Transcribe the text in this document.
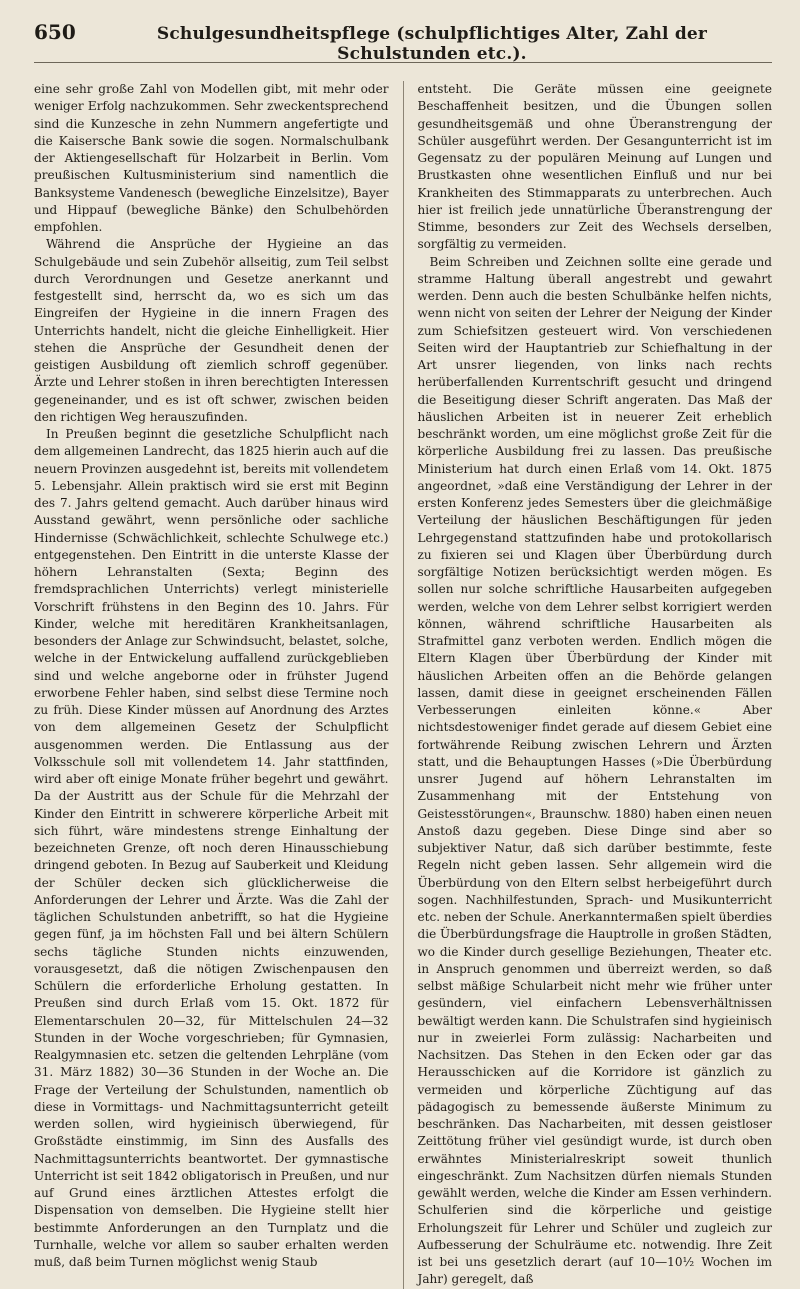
650	Schulgesundheitspflege (schulpflichtiges Alter, Zahl der Schulstunden etc.).

eine sehr große Zahl von Modellen gibt, mit mehr oder weniger Erfolg nachzukommen. Sehr zweckentsprechend sind die Kunzesche in zehn Nummern angefertigte und die Kaisersche Bank sowie die sogen. Normalschulbank der Aktiengesellschaft für Holzarbeit in Berlin. Vom preußischen Kultusministerium sind namentlich die Banksysteme Vandenesch (bewegliche Einzelsitze), Bayer und Hippauf (bewegliche Bänke) den Schulbehörden empfohlen.

Während die Ansprüche der Hygieine an das Schulgebäude und sein Zubehör allseitig, zum Teil selbst durch Verordnungen und Gesetze anerkannt und festgestellt sind, herrscht da, wo es sich um das Eingreifen der Hygieine in die innern Fragen des Unterrichts handelt, nicht die gleiche Einhelligkeit. Hier stehen die Ansprüche der Gesundheit denen der geistigen Ausbildung oft ziemlich schroff gegenüber. Ärzte und Lehrer stoßen in ihren berechtigten Interessen gegeneinander, und es ist oft schwer, zwischen beiden den richtigen Weg herauszufinden.

In Preußen beginnt die gesetzliche Schulpflicht nach dem allgemeinen Landrecht, das 1825 hierin auch auf die neuern Provinzen ausgedehnt ist, bereits mit vollendetem 5. Lebensjahr. Allein praktisch wird sie erst mit Beginn des 7. Jahrs geltend gemacht. Auch darüber hinaus wird Ausstand gewährt, wenn persönliche oder sachliche Hindernisse (Schwächlichkeit, schlechte Schulwege etc.) entgegenstehen. Den Eintritt in die unterste Klasse der höhern Lehranstalten (Sexta; Beginn des fremdsprachlichen Unterrichts) verlegt ministerielle Vorschrift frühstens in den Beginn des 10. Jahrs. Für Kinder, welche mit hereditären Krankheitsanlagen, besonders der Anlage zur Schwindsucht, belastet, solche, welche in der Entwickelung auffallend zurückgeblieben sind und welche angeborne oder in frühster Jugend erworbene Fehler haben, sind selbst diese Termine noch zu früh. Diese Kinder müssen auf Anordnung des Arztes von dem allgemeinen Gesetz der Schulpflicht ausgenommen werden. Die Entlassung aus der Volksschule soll mit vollendetem 14. Jahr stattfinden, wird aber oft einige Monate früher begehrt und gewährt. Da der Austritt aus der Schule für die Mehrzahl der Kinder den Eintritt in schwerere körperliche Arbeit mit sich führt, wäre mindestens strenge Einhaltung der bezeichneten Grenze, oft noch deren Hinausschiebung dringend geboten. In Bezug auf Sauberkeit und Kleidung der Schüler decken sich glücklicherweise die Anforderungen der Lehrer und Ärzte. Was die Zahl der täglichen Schulstunden anbetrifft, so hat die Hygieine gegen fünf, ja im höchsten Fall und bei ältern Schülern sechs tägliche Stunden nichts einzuwenden, vorausgesetzt, daß die nötigen Zwischenpausen den Schülern die erforderliche Erholung gestatten. In Preußen sind durch Erlaß vom 15. Okt. 1872 für Elementarschulen 20—32, für Mittelschulen 24—32 Stunden in der Woche vorgeschrieben; für Gymnasien, Realgymnasien etc. setzen die geltenden Lehrpläne (vom 31. März 1882) 30—36 Stunden in der Woche an. Die Frage der Verteilung der Schulstunden, namentlich ob diese in Vormittags- und Nachmittagsunterricht geteilt werden sollen, wird hygieinisch überwiegend, für Großstädte einstimmig, im Sinn des Ausfalls des Nachmittagsunterrichts beantwortet. Der gymnastische Unterricht ist seit 1842 obligatorisch in Preußen, und nur auf Grund eines ärztlichen Attestes erfolgt die Dispensation von demselben. Die Hygieine stellt hier bestimmte Anforderungen an den Turnplatz und die Turnhalle, welche vor allem so sauber erhalten werden muß, daß beim Turnen möglichst wenig Staub

entsteht. Die Geräte müssen eine geeignete Beschaffenheit besitzen, und die Übungen sollen gesundheitsgemäß und ohne Überanstrengung der Schüler ausgeführt werden. Der Gesangunterricht ist im Gegensatz zu der populären Meinung auf Lungen und Brustkasten ohne wesentlichen Einfluß und nur bei Krankheiten des Stimmapparats zu unterbrechen. Auch hier ist freilich jede unnatürliche Überanstrengung der Stimme, besonders zur Zeit des Wechsels derselben, sorgfältig zu vermeiden.

Beim Schreiben und Zeichnen sollte eine gerade und stramme Haltung überall angestrebt und gewahrt werden. Denn auch die besten Schulbänke helfen nichts, wenn nicht von seiten der Lehrer der Neigung der Kinder zum Schiefsitzen gesteuert wird. Von verschiedenen Seiten wird der Hauptantrieb zur Schiefhaltung in der Art unsrer liegenden, von links nach rechts herüberfallenden Kurrentschrift gesucht und dringend die Beseitigung dieser Schrift angeraten. Das Maß der häuslichen Arbeiten ist in neuerer Zeit erheblich beschränkt worden, um eine möglichst große Zeit für die körperliche Ausbildung frei zu lassen. Das preußische Ministerium hat durch einen Erlaß vom 14. Okt. 1875 angeordnet, »daß eine Verständigung der Lehrer in der ersten Konferenz jedes Semesters über die gleichmäßige Verteilung der häuslichen Beschäftigungen für jeden Lehrgegenstand stattzufinden habe und protokollarisch zu fixieren sei und Klagen über Überbürdung durch sorgfältige Notizen berücksichtigt werden mögen. Es sollen nur solche schriftliche Hausarbeiten aufgegeben werden, welche von dem Lehrer selbst korrigiert werden können, während schriftliche Hausarbeiten als Strafmittel ganz verboten werden. Endlich mögen die Eltern Klagen über Überbürdung der Kinder mit häuslichen Arbeiten offen an die Behörde gelangen lassen, damit diese in geeignet erscheinenden Fällen Verbesserungen einleiten könne.« Aber nichtsdestoweniger findet gerade auf diesem Gebiet eine fortwährende Reibung zwischen Lehrern und Ärzten statt, und die Behauptungen Hasses (»Die Überbürdung unsrer Jugend auf höhern Lehranstalten im Zusammenhang mit der Entstehung von Geistesstörungen«, Braunschw. 1880) haben einen neuen Anstoß dazu gegeben. Diese Dinge sind aber so subjektiver Natur, daß sich darüber bestimmte, feste Regeln nicht geben lassen. Sehr allgemein wird die Überbürdung von den Eltern selbst herbeigeführt durch sogen. Nachhilfestunden, Sprach- und Musikunterricht etc. neben der Schule. Anerkanntermaßen spielt überdies die Überbürdungsfrage die Hauptrolle in großen Städten, wo die Kinder durch gesellige Beziehungen, Theater etc. in Anspruch genommen und überreizt werden, so daß selbst mäßige Schularbeit nicht mehr wie früher unter gesündern, viel einfachern Lebensverhältnissen bewältigt werden kann. Die Schulstrafen sind hygieinisch nur in zweierlei Form zulässig: Nacharbeiten und Nachsitzen. Das Stehen in den Ecken oder gar das Herausschicken auf die Korridore ist gänzlich zu vermeiden und körperliche Züchtigung auf das pädagogisch zu bemessende äußerste Minimum zu beschränken. Das Nacharbeiten, mit dessen geistloser Zeittötung früher viel gesündigt wurde, ist durch oben erwähntes Ministerialreskript soweit thunlich eingeschränkt. Zum Nachsitzen dürfen niemals Stunden gewählt werden, welche die Kinder am Essen verhindern. Schulferien sind die körperliche und geistige Erholungszeit für Lehrer und Schüler und zugleich zur Aufbesserung der Schulräume etc. notwendig. Ihre Zeit ist bei uns gesetzlich derart (auf 10—10½ Wochen im Jahr) geregelt, daß
